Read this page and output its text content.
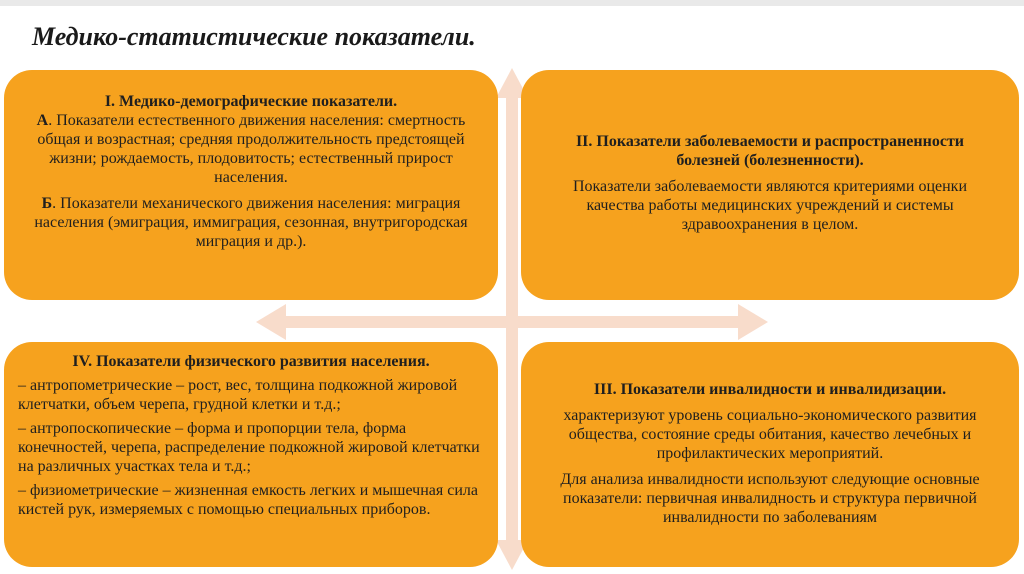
Медико-статистические показатели.

I. Медико-демографические показатели.

А. Показатели естественного движения населения: смертность общая и возрастная; средняя продолжительность предстоящей жизни; рождаемость, плодовитость; естественный прирост населения.

Б. Показатели механического движения населения: миграция населения (эмиграция, иммиграция, сезонная, внутригородская миграция и др.).

II. Показатели заболеваемости и распространенности болезней (болезненности).

Показатели заболеваемости являются критериями оценки качества работы медицинских учреждений и системы здравоохранения в целом.

IV. Показатели физического развития населения.

– антропометрические – рост, вес, толщина подкожной жировой клетчатки, объем черепа, грудной клетки и т.д.;

– антропоскопические – форма и пропорции тела, форма конечностей, черепа, распределение подкожной жировой клетчатки на различных участках тела и т.д.;

– физиометрические – жизненная емкость легких и мышечная сила кистей рук, измеряемых с помощью специальных приборов.

III. Показатели инвалидности и инвалидизации.

характеризуют уровень социально-экономического развития общества, состояние среды обитания, качество лечебных и профилактических мероприятий.

Для анализа инвалидности используют следующие основные показатели: первичная инвалидность и структура первичной инвалидности по заболеваниям
